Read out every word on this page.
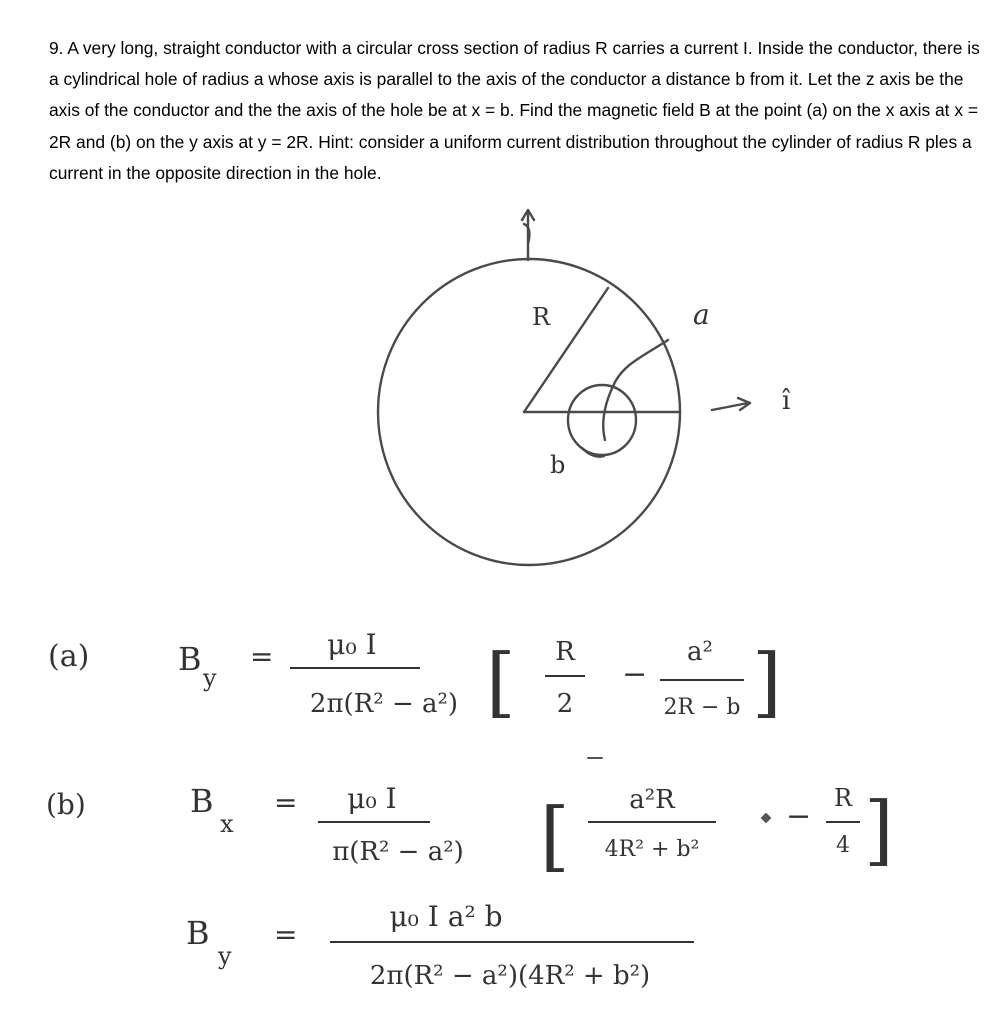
9. A very long, straight conductor with a circular cross section of radius R carries a current I. Inside the conductor, there is a cylindrical hole of radius a whose axis is parallel to the axis of the conductor a distance b from it. Let the z axis be the axis of the conductor and the the axis of the hole be at x = b. Find the magnetic field B at the point (a) on the x axis at x = 2R and (b) on the y axis at y = 2R. Hint: consider a uniform current distribution throughout the cylinder of radius R ples a current in the opposite direction in the hole.

R	a
b
î
(a)	B y
= μ₀ I
2π(R² − a²) [ R
2
−
a²
2R − b ]
(b)	B
x
= μ₀ I
π(R² − a²) [ a²R
4R² + b²
−
R
4 ]
B
y
=
μ₀ I a² b
2π(R² − a²)(4R² + b²)
